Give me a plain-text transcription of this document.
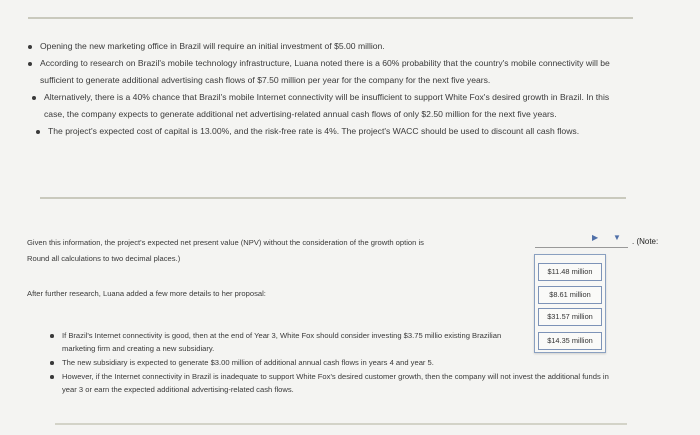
Opening the new marketing office in Brazil will require an initial investment of $5.00 million.
According to research on Brazil's mobile technology infrastructure, Luana noted there is a 60% probability that the country's mobile connectivity will be sufficient to generate additional advertising cash flows of $7.50 million per year for the company for the next five years.
Alternatively, there is a 40% chance that Brazil's mobile Internet connectivity will be insufficient to support White Fox's desired growth in Brazil. In this case, the company expects to generate additional net advertising-related annual cash flows of only $2.50 million for the next five years.
The project's expected cost of capital is 13.00%, and the risk-free rate is 4%. The project's WACC should be used to discount all cash flows.
Given this information, the project's expected net present value (NPV) without the consideration of the growth option is
▶ ▼ . (Note:
Round all calculations to two decimal places.)
After further research, Luana added a few more details to her proposal:
$11.48 million
$8.61 million
$31.57 million
$14.35 million
If Brazil's Internet connectivity is good, then at the end of Year 3, White Fox should consider investing $3.75 millio existing Brazilian marketing firm and creating a new subsidiary.
The new subsidiary is expected to generate $3.00 million of additional annual cash flows in years 4 and year 5.
However, if the Internet connectivity in Brazil is inadequate to support White Fox's desired customer growth, then the company will not invest the additional funds in year 3 or earn the expected additional advertising-related cash flows.
